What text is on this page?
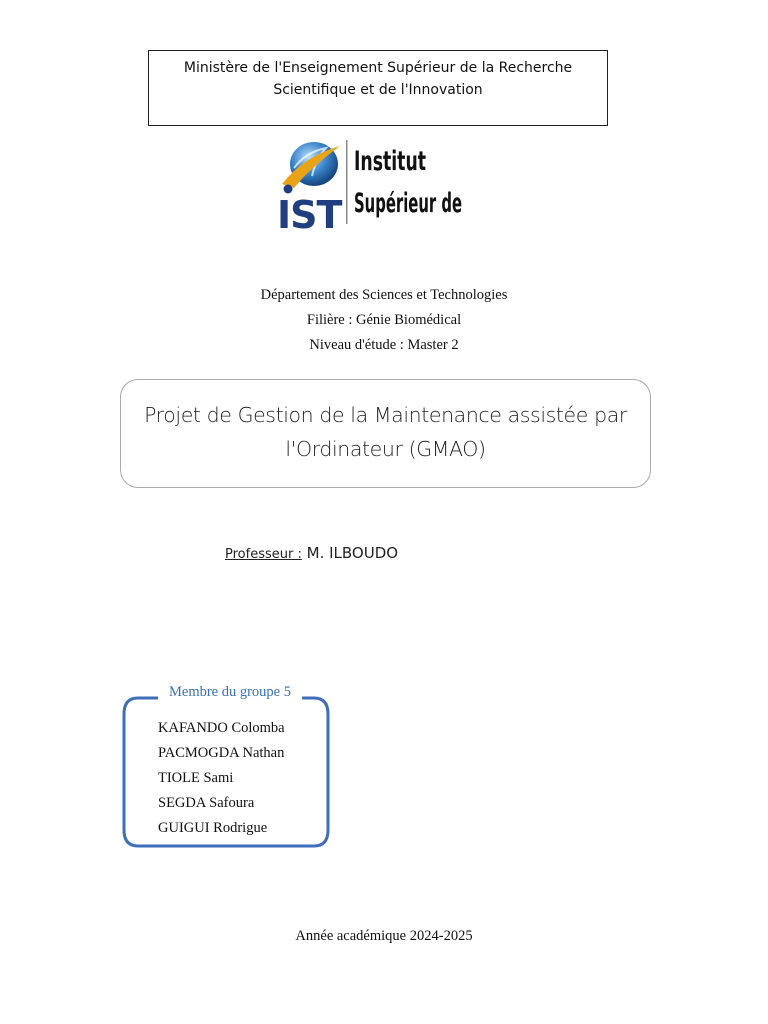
Ministère de l'Enseignement Supérieur de la Recherche
Scientifique et de l'Innovation
IST
Institut
Supérieur de
Département des Sciences et Technologies
Filière : Génie Biomédical
Niveau d'étude : Master 2
Projet de Gestion de la Maintenance assistée par
l'Ordinateur (GMAO)
Professeur : M. ILBOUDO
Membre du groupe 5
KAFANDO Colomba
PACMOGDA Nathan
TIOLE Sami
SEGDA Safoura
GUIGUI Rodrigue
Année académique 2024-2025
